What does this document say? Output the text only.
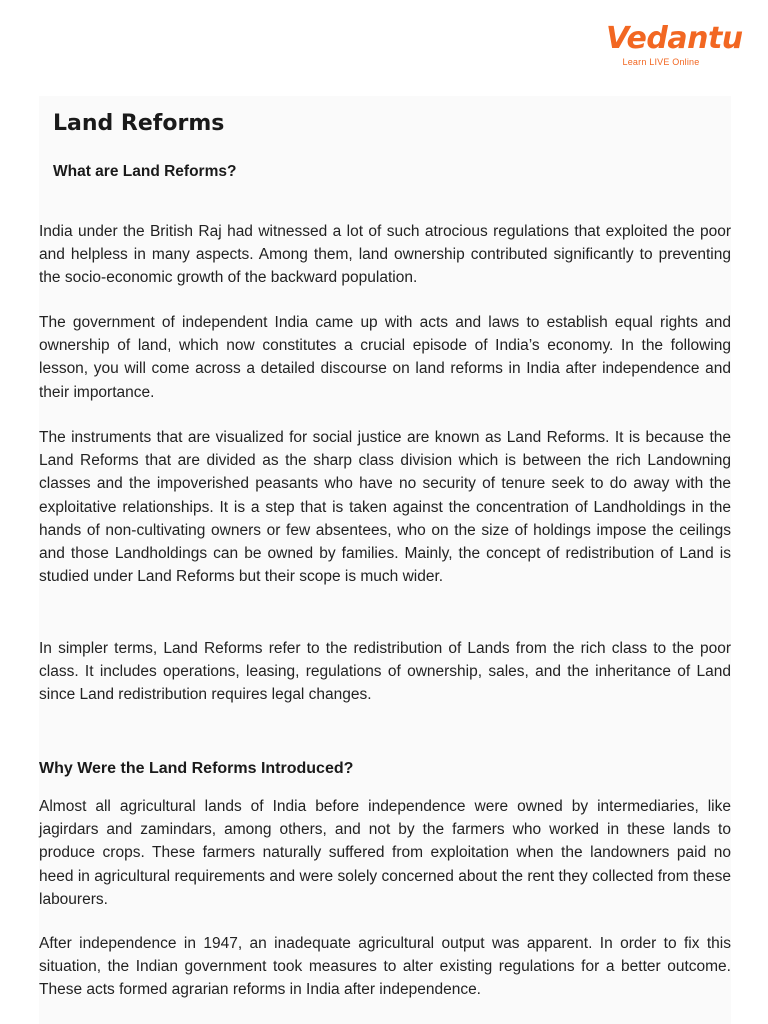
Vedantu
Learn LIVE Online
Land Reforms
What are Land Reforms?

India under the British Raj had witnessed a lot of such atrocious regulations that exploited the poor and helpless in many aspects. Among them, land ownership contributed significantly to preventing the socio-economic growth of the backward population.

The government of independent India came up with acts and laws to establish equal rights and ownership of land, which now constitutes a crucial episode of India’s economy. In the following lesson, you will come across a detailed discourse on land reforms in India after independence and their importance.

The instruments that are visualized for social justice are known as Land Reforms. It is because the Land Reforms that are divided as the sharp class division which is between the rich Landowning classes and the impoverished peasants who have no security of tenure seek to do away with the exploitative relationships. It is a step that is taken against the concentration of Landholdings in the hands of non-cultivating owners or few absentees, who on the size of holdings impose the ceilings and those Landholdings can be owned by families. Mainly, the concept of redistribution of Land is studied under Land Reforms but their scope is much wider.

In simpler terms, Land Reforms refer to the redistribution of Lands from the rich class to the poor class. It includes operations, leasing, regulations of ownership, sales, and the inheritance of Land since Land redistribution requires legal changes.

Why Were the Land Reforms Introduced?

Almost all agricultural lands of India before independence were owned by intermediaries, like jagirdars and zamindars, among others, and not by the farmers who worked in these lands to produce crops. These farmers naturally suffered from exploitation when the landowners paid no heed in agricultural requirements and were solely concerned about the rent they collected from these labourers.

After independence in 1947, an inadequate agricultural output was apparent. In order to fix this situation, the Indian government took measures to alter existing regulations for a better outcome. These acts formed agrarian reforms in India after independence.
